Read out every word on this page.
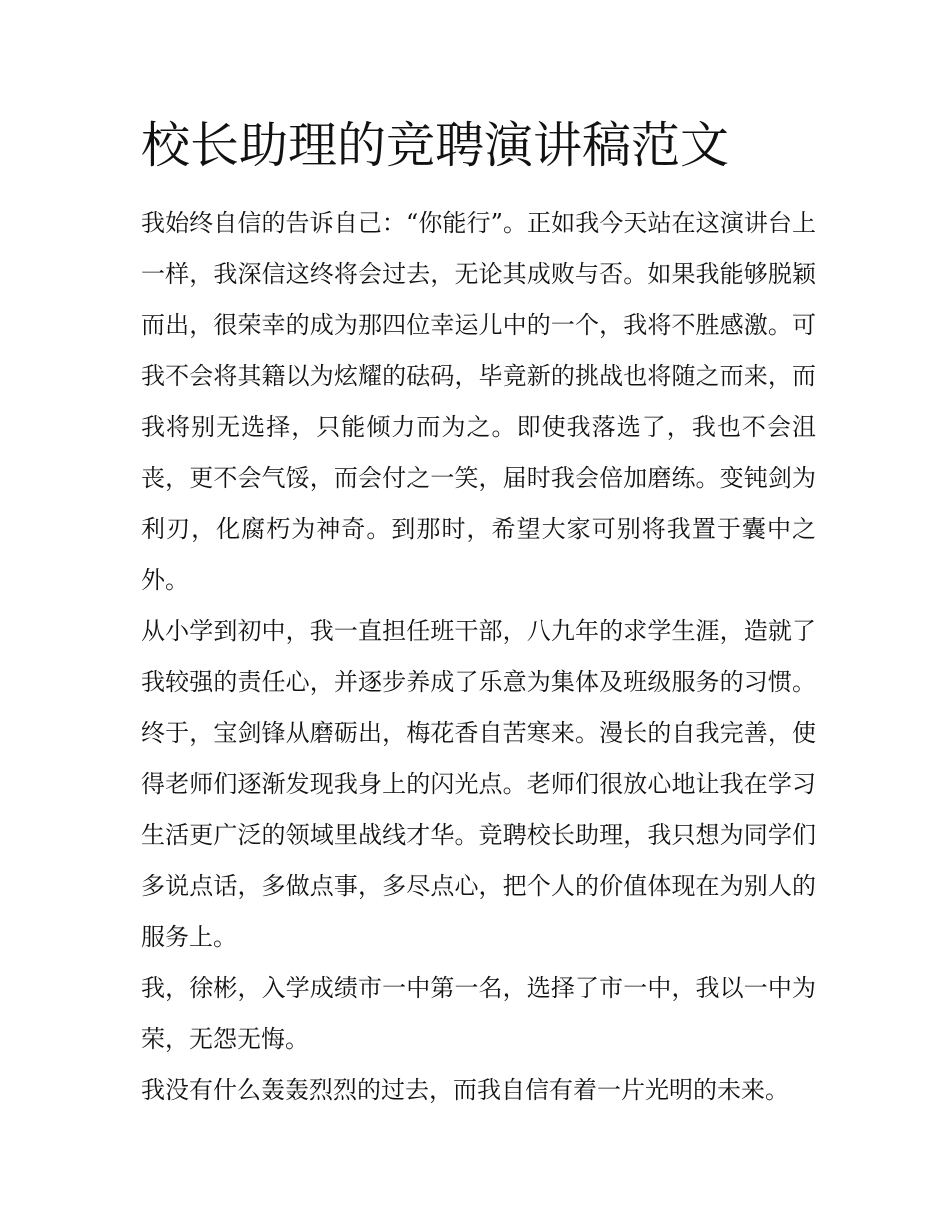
校长助理的竞聘演讲稿范文

我始终自信的告诉自己：“你能行”。正如我今天站在这演讲台上一样，我深信这终将会过去，无论其成败与否。如果我能够脱颖而出，很荣幸的成为那四位幸运儿中的一个，我将不胜感激。可我不会将其籍以为炫耀的砝码，毕竟新的挑战也将随之而来，而我将别无选择，只能倾力而为之。即使我落选了，我也不会沮丧，更不会气馁，而会付之一笑，届时我会倍加磨练。变钝剑为利刃，化腐朽为神奇。到那时，希望大家可别将我置于囊中之外。

从小学到初中，我一直担任班干部，八九年的求学生涯，造就了我较强的责任心，并逐步养成了乐意为集体及班级服务的习惯。终于，宝剑锋从磨砺出，梅花香自苦寒来。漫长的自我完善，使得老师们逐渐发现我身上的闪光点。老师们很放心地让我在学习生活更广泛的领域里战线才华。竞聘校长助理，我只想为同学们多说点话，多做点事，多尽点心，把个人的价值体现在为别人的服务上。

我，徐彬，入学成绩市一中第一名，选择了市一中，我以一中为荣，无怨无悔。

我没有什么轰轰烈烈的过去，而我自信有着一片光明的未来。
